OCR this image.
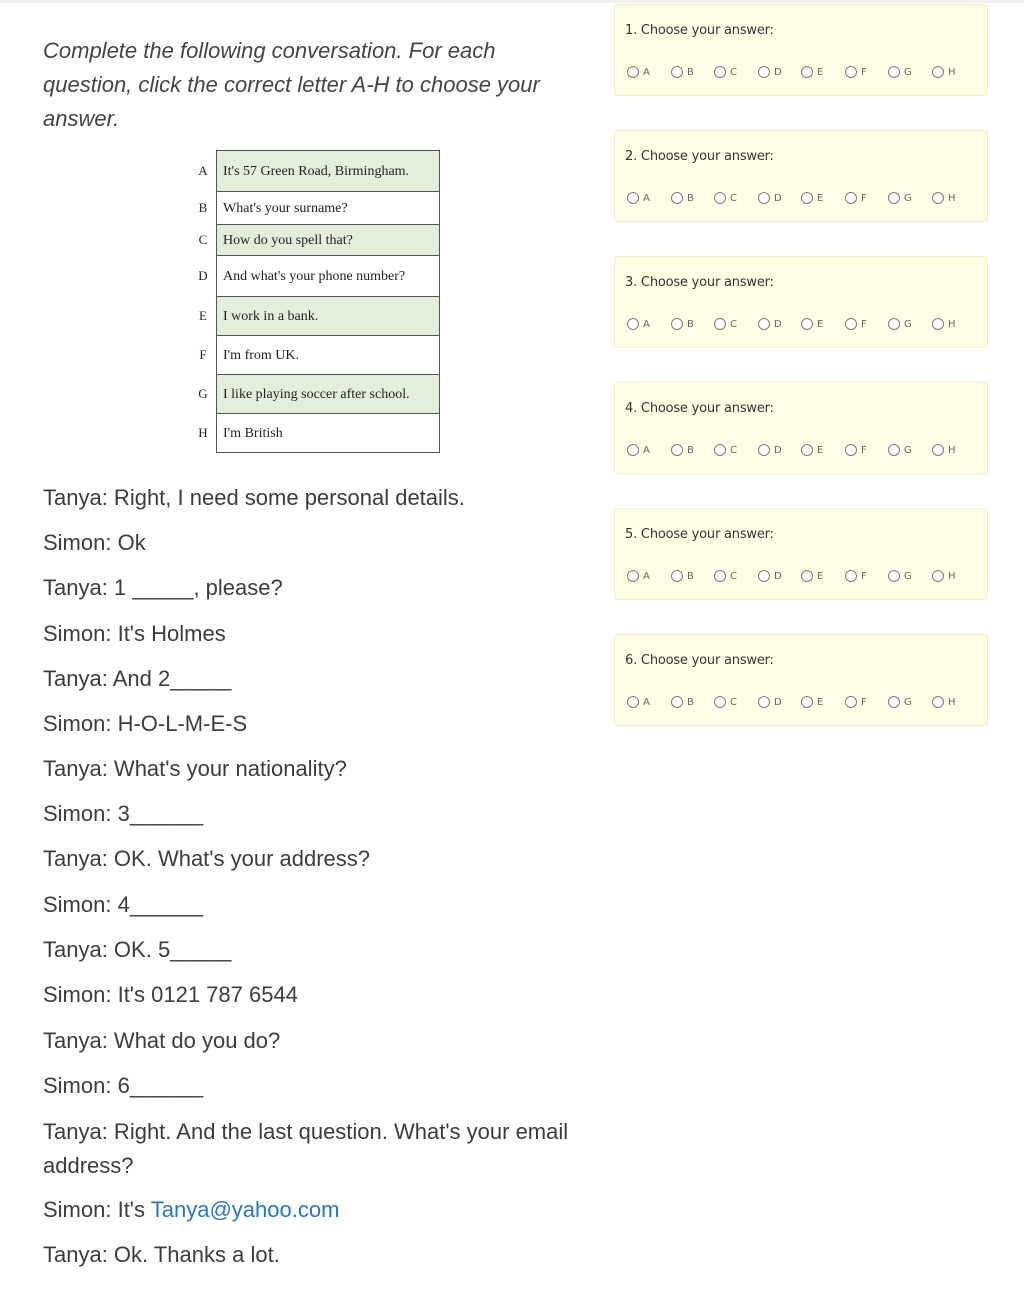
Complete the following conversation. For each question, click the correct letter A-H to choose your answer.
A	It's 57 Green Road, Birmingham.
B	What's your surname?
C	How do you spell that?
D	And what's your phone number?
E	I work in a bank.
F	I'm from UK.
G	I like playing soccer after school.
H	I'm British
Tanya: Right, I need some personal details.
Simon: Ok
Tanya: 1 _____, please?
Simon: It's Holmes
Tanya: And 2_____
Simon: H-O-L-M-E-S
Tanya: What's your nationality?
Simon: 3______
Tanya: OK. What's your address?
Simon: 4______
Tanya: OK. 5_____
Simon: It's 0121 787 6544
Tanya: What do you do?
Simon: 6______
Tanya: Right. And the last question. What's your email address?
Simon: It's Tanya@yahoo.com
Tanya: Ok. Thanks a lot.
1. Choose your answer:
A	B	C	D	E	F	G	H
2. Choose your answer:
A	B	C	D	E	F	G	H
3. Choose your answer:
A	B	C	D	E	F	G	H
4. Choose your answer:
A	B	C	D	E	F	G	H
5. Choose your answer:
A	B	C	D	E	F	G	H
6. Choose your answer:
A	B	C	D	E	F	G	H
